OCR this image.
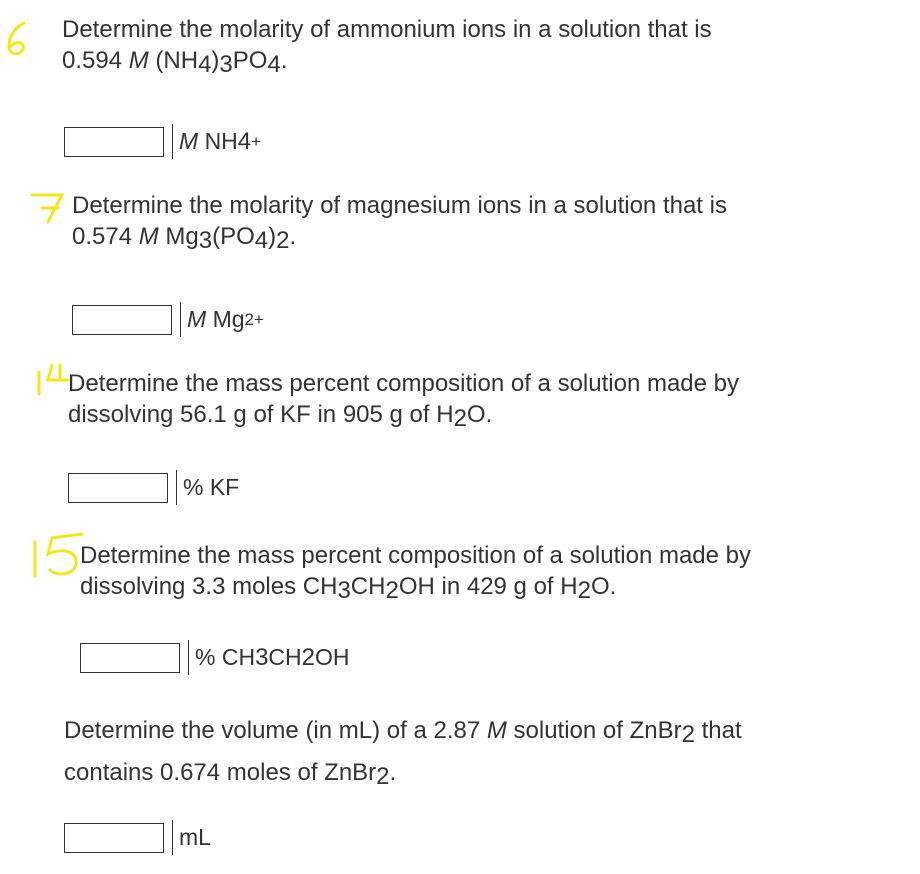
Determine the molarity of ammonium ions in a solution that is
0.594 M $(NH_4)_3PO_4$.
M
NH 4 +
Determine the molarity of magnesium ions in a solution that is
0.574 M $Mg_3(PO_4)_2$.
M
Mg 2+
Determine the mass percent composition of a solution made by
dissolving 56.1 g of KF in 905 g of $H_2O$.
% KF
Determine the mass percent composition of a solution made by
dissolving 3.3 moles $CH_3CH_2OH$ in 429 g of $H_2O$.
% CH 3 CH 2 OH
Determine the volume (in mL) of a 2.87 M solution of ZnBr$_2$ that
contains 0.674 moles of ZnBr$_2$.
mL
